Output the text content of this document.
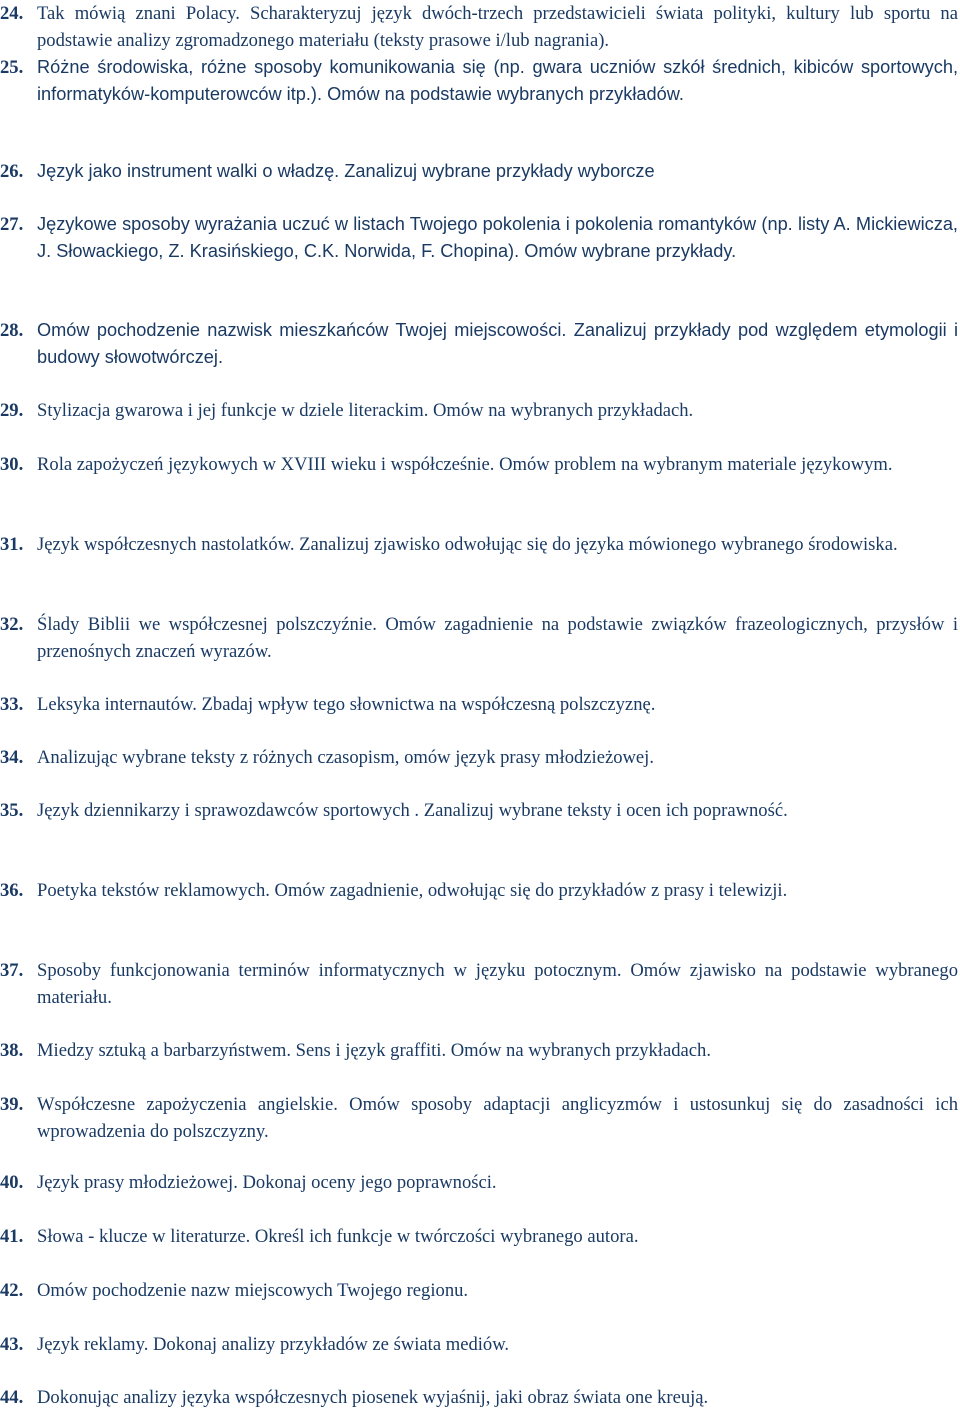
24. Tak mówią znani Polacy. Scharakteryzuj język dwóch-trzech przedstawicieli świata polityki, kultury lub sportu na podstawie analizy zgromadzonego materiału (teksty prasowe i/lub nagrania).
25. Różne środowiska, różne sposoby komunikowania się (np. gwara uczniów szkół średnich, kibiców sportowych, informatyków-komputerowców itp.). Omów na podstawie wybranych przykładów.
26. Język jako instrument walki o władzę. Zanalizuj wybrane przykłady wyborcze
27. Językowe sposoby wyrażania uczuć w listach Twojego pokolenia i pokolenia romantyków (np. listy A. Mickiewicza, J. Słowackiego, Z. Krasińskiego, C.K. Norwida, F. Chopina). Omów wybrane przykłady.
28. Omów pochodzenie nazwisk mieszkańców Twojej miejscowości. Zanalizuj przykłady pod względem etymologii i budowy słowotwórczej.
29. Stylizacja gwarowa i jej funkcje w dziele literackim. Omów na wybranych przykładach.
30. Rola zapożyczeń językowych w XVIII wieku i współcześnie. Omów problem na wybranym materiale językowym.
31. Język współczesnych nastolatków. Zanalizuj zjawisko odwołując się do języka mówionego wybranego środowiska.
32. Ślady Biblii we współczesnej polszczyźnie. Omów zagadnienie na podstawie związków frazeologicznych, przysłów i przenośnych znaczeń wyrazów.
33. Leksyka internautów. Zbadaj wpływ tego słownictwa na współczesną polszczyznę.
34. Analizując wybrane teksty z różnych czasopism, omów język prasy młodzieżowej.
35. Język dziennikarzy i sprawozdawców sportowych . Zanalizuj wybrane teksty i ocen ich poprawność.
36. Poetyka tekstów reklamowych. Omów zagadnienie, odwołując się do przykładów z prasy i telewizji.
37. Sposoby funkcjonowania terminów informatycznych w języku potocznym. Omów zjawisko na podstawie wybranego materiału.
38. Miedzy sztuką a barbarzyństwem. Sens i język graffiti. Omów na wybranych przykładach.
39. Współczesne zapożyczenia angielskie. Omów sposoby adaptacji anglicyzmów i ustosunkuj się do zasadności ich wprowadzenia do polszczyzny.
40. Język prasy młodzieżowej. Dokonaj oceny jego poprawności.
41. Słowa - klucze w literaturze. Określ ich funkcje w twórczości wybranego autora.
42. Omów pochodzenie nazw miejscowych Twojego regionu.
43. Język reklamy. Dokonaj analizy przykładów ze świata mediów.
44. Dokonując analizy języka współczesnych piosenek wyjaśnij, jaki obraz świata one kreują.
